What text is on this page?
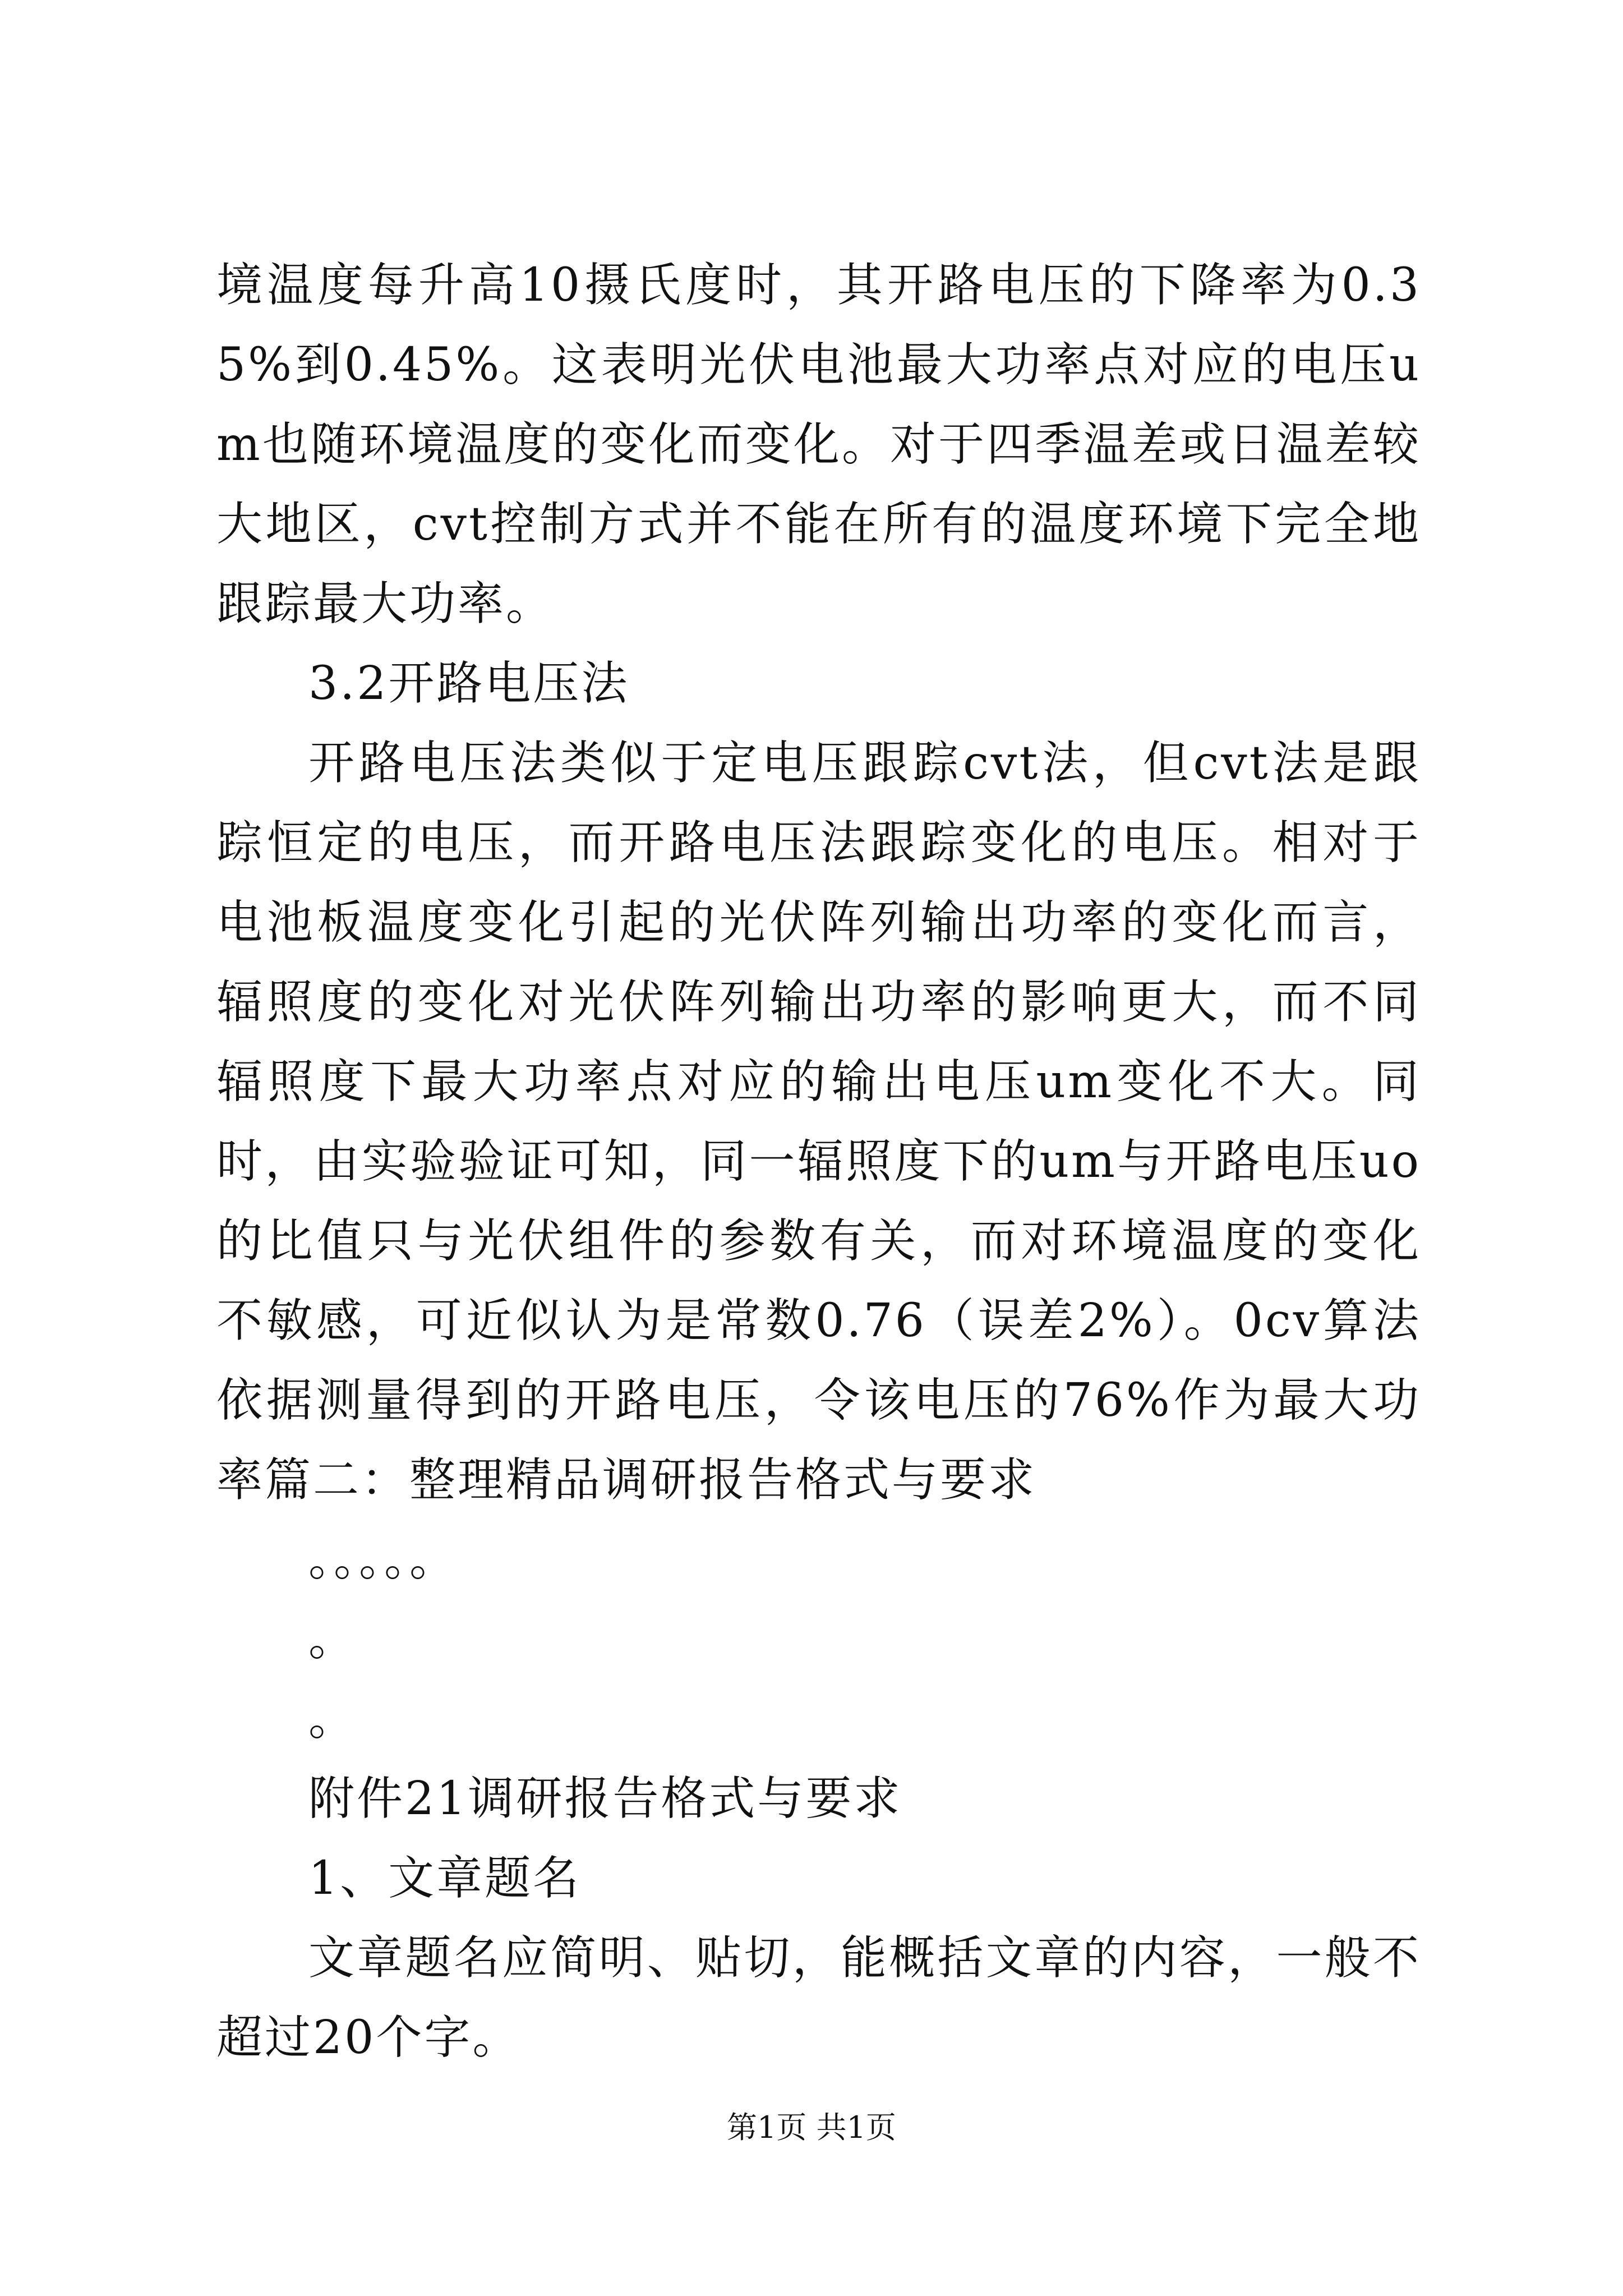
境温度每升高10摄氏度时，其开路电压的下降率为0.35%到0.45%。这表明光伏电池最大功率点对应的电压um也随环境温度的变化而变化。对于四季温差或日温差较大地区，cvt控制方式并不能在所有的温度环境下完全地跟踪最大功率。

3.2开路电压法

开路电压法类似于定电压跟踪cvt法，但cvt法是跟踪恒定的电压，而开路电压法跟踪变化的电压。相对于电池板温度变化引起的光伏阵列输出功率的变化而言，辐照度的变化对光伏阵列输出功率的影响更大，而不同辐照度下最大功率点对应的输出电压um变化不大。同时，由实验验证可知，同一辐照度下的um与开路电压uo的比值只与光伏组件的参数有关，而对环境温度的变化不敏感，可近似认为是常数0.76（误差2%）。0cv算法依据测量得到的开路电压，令该电压的76%作为最大功率篇二：整理精品调研报告格式与要求

。。。。。

。

。

附件21调研报告格式与要求

1、文章题名

文章题名应简明、贴切，能概括文章的内容，一般不超过20个字。

第1页 共1页
